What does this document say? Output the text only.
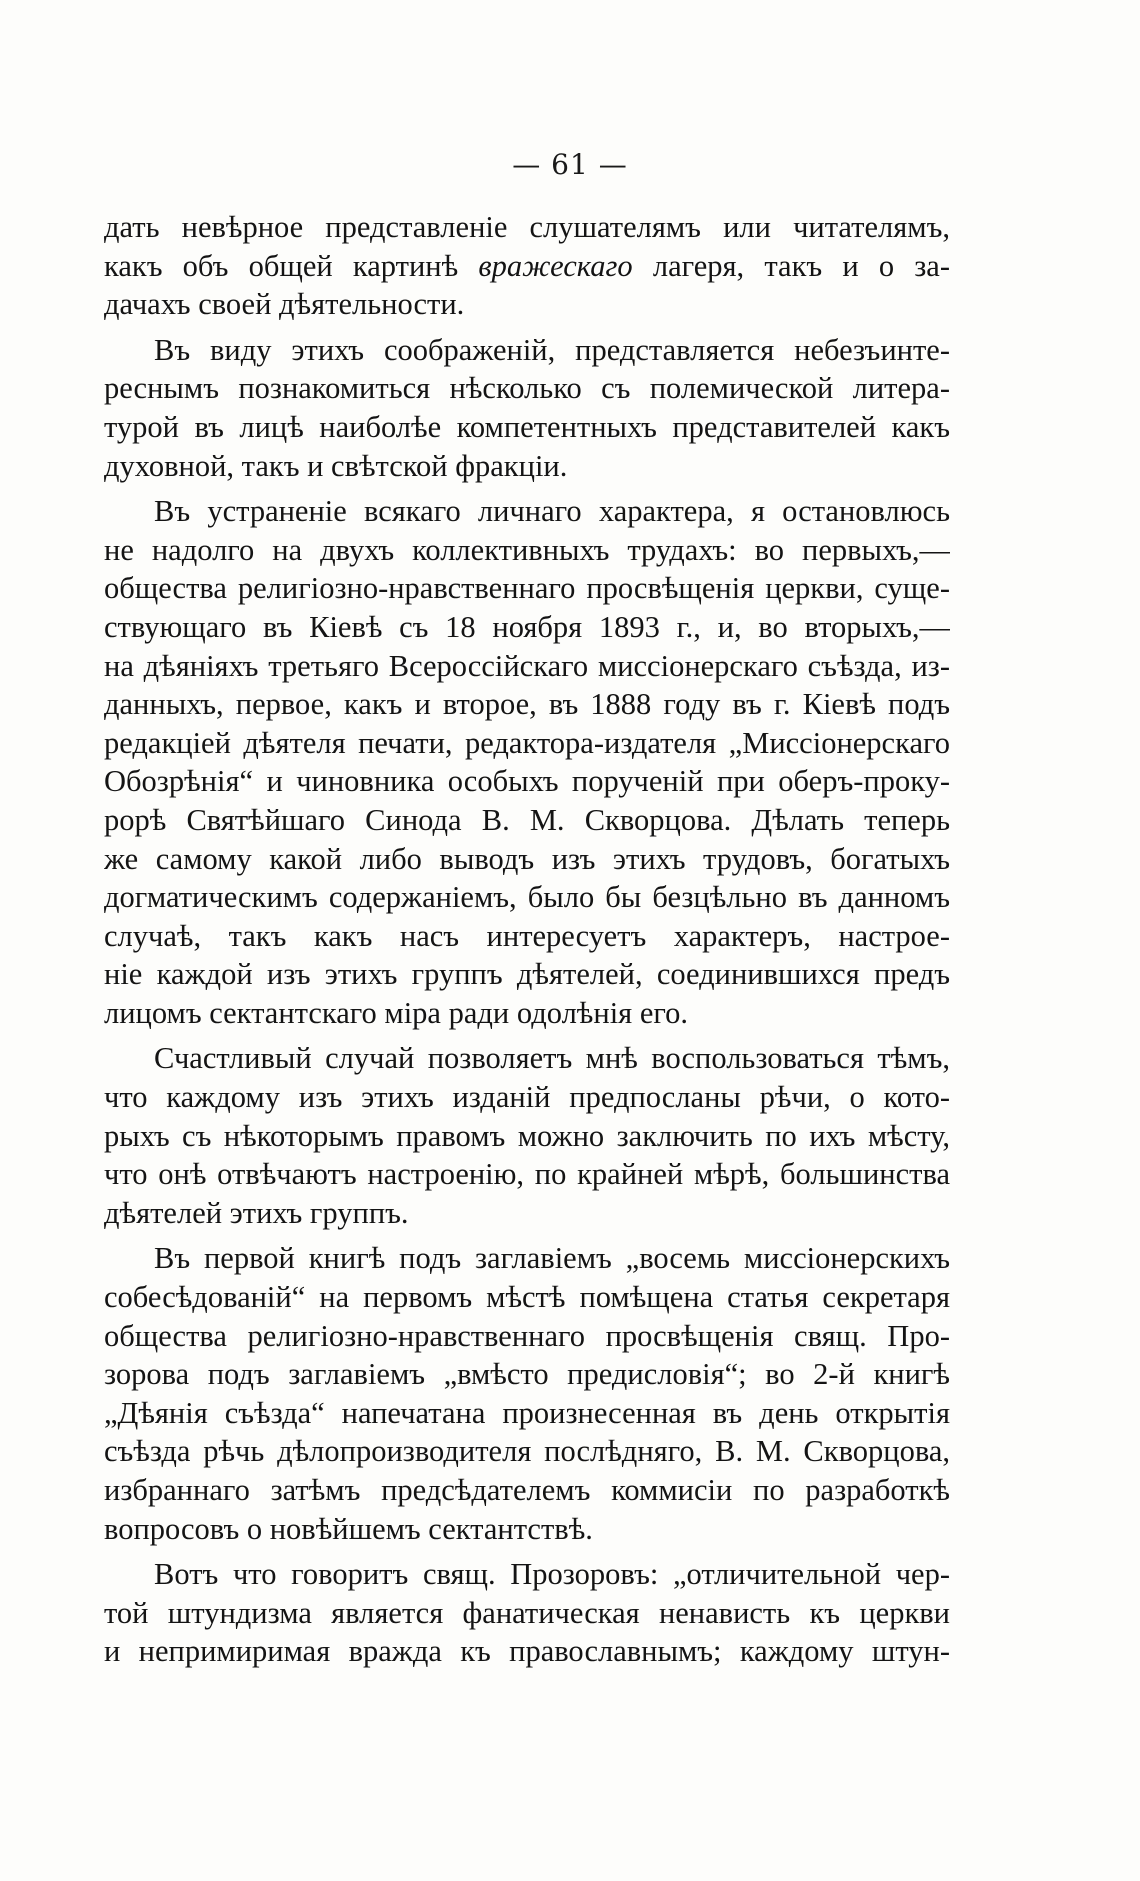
— 61 —
дать невѣрное представленіе слушателямъ или читателямъ,
какъ объ общей картинѣ вражескаго лагеря, такъ и о за-
дачахъ своей дѣятельности.
Въ виду этихъ соображеній, представляется небезъинте-
реснымъ познакомиться нѣсколько съ полемической литера-
турой въ лицѣ наиболѣе компетентныхъ представителей какъ
духовной, такъ и свѣтской фракціи.
Въ устраненіе всякаго личнаго характера, я остановлюсь
не надолго на двухъ коллективныхъ трудахъ: во первыхъ,—
общества религіозно-нравственнаго просвѣщенія церкви, суще-
ствующаго въ Кіевѣ съ 18 ноября 1893 г., и, во вторыхъ,—
на дѣяніяхъ третьяго Всероссійскаго миссіонерскаго съѣзда, из-
данныхъ, первое, какъ и второе, въ 1888 году въ г. Кіевѣ подъ
редакціей дѣятеля печати, редактора-издателя „Миссіонерскаго
Обозрѣнія“ и чиновника особыхъ порученій при оберъ-проку-
рорѣ Святѣйшаго Синода В. М. Скворцова. Дѣлать теперь
же самому какой либо выводъ изъ этихъ трудовъ, богатыхъ
догматическимъ содержаніемъ, было бы безцѣльно въ данномъ
случаѣ, такъ какъ насъ интересуетъ характеръ, настрое-
ніе каждой изъ этихъ группъ дѣятелей, соединившихся предъ
лицомъ сектантскаго міра ради одолѣнія его.
Счастливый случай позволяетъ мнѣ воспользоваться тѣмъ,
что каждому изъ этихъ изданій предпосланы рѣчи, о кото-
рыхъ съ нѣкоторымъ правомъ можно заключить по ихъ мѣсту,
что онѣ отвѣчаютъ настроенію, по крайней мѣрѣ, большинства
дѣятелей этихъ группъ.
Въ первой книгѣ подъ заглавіемъ „восемь миссіонерскихъ
собесѣдованій“ на первомъ мѣстѣ помѣщена статья секретаря
общества религіозно-нравственнаго просвѣщенія свящ. Про-
зорова подъ заглавіемъ „вмѣсто предисловія“; во 2-й книгѣ
„Дѣянія съѣзда“ напечатана произнесенная въ день открытія
съѣзда рѣчь дѣлопроизводителя послѣдняго, В. М. Скворцова,
избраннаго затѣмъ предсѣдателемъ коммисіи по разработкѣ
вопросовъ о новѣйшемъ сектантствѣ.
Вотъ что говоритъ свящ. Прозоровъ: „отличительной чер-
той штундизма является фанатическая ненависть къ церкви
и непримиримая вражда къ православнымъ; каждому штун-
